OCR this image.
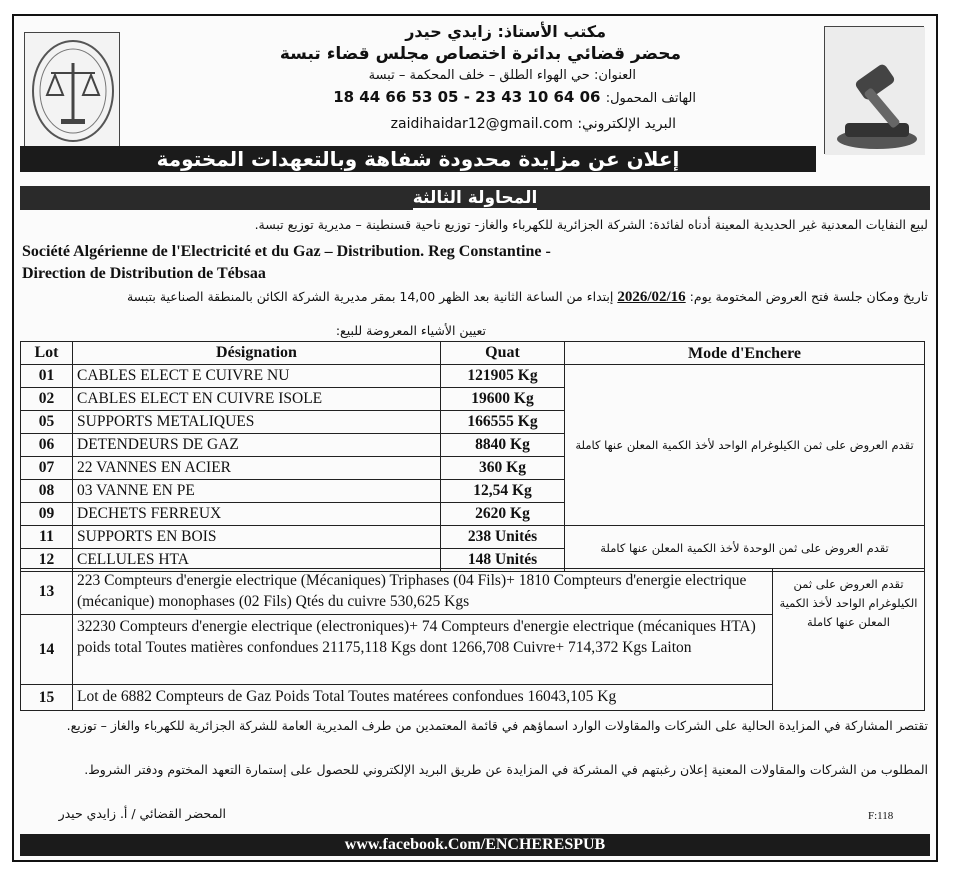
مكتب الأستاذ: زايدي حيدر
محضر قضائي بدائرة اختصاص مجلس قضاء تبسة
العنوان: حي الهواء الطلق – خلف المحكمة – تبسة
الهاتف المحمول: 06 64 10 43 23 - 05 53 66 44 18
البريد الإلكتروني: zaidihaidar12@gmail.com
إعلان عن مزايدة محدودة شفاهة وبالتعهدات المختومة
المحاولة الثالثة
لبيع النفايات المعدنية غير الحديدية المعينة أدناه لفائدة: الشركة الجزائرية للكهرباء والغاز- توزيع ناحية قسنطينة – مديرية توزيع تبسة.
Société Algérienne de l'Electricité et du Gaz – Distribution. Reg Constantine -
Direction de Distribution de Tébsaa
تاريخ ومكان جلسة فتح العروض المختومة يوم: 2026/02/16 إبتداء من الساعة الثانية بعد الظهر 14,00 بمقر مديرية الشركة الكائن بالمنطقة الصناعية بتبسة
تعيين الأشياء المعروضة للبيع:
Lot	Désignation	Quat	Mode d'Enchere
01	CABLES ELECT E CUIVRE NU	121905 Kg	تقدم العروض على ثمن الكيلوغرام الواحد لأخذ الكمية المعلن عنها كاملة
02	CABLES ELECT EN CUIVRE ISOLE	19600 Kg	
05	SUPPORTS METALIQUES	166555 Kg	
06	DETENDEURS DE GAZ	8840 Kg	
07	22 VANNES EN ACIER	360 Kg	
08	03 VANNE EN PE	12,54 Kg	
09	DECHETS FERREUX	2620 Kg	
11	SUPPORTS EN BOIS	238 Unités	تقدم العروض على ثمن الوحدة لأخذ الكمية المعلن عنها كاملة
12	CELLULES HTA	148 Unités	
13	223 Compteurs d'energie electrique (Mécaniques) Triphases (04 Fils)+ 1810 Compteurs d'energie electrique (mécanique) monophases (02 Fils) Qtés du cuivre 530,625 Kgs	تقدم العروض على ثمن الكيلوغرام الواحد لأخذ الكمية المعلن عنها كاملة
14	32230 Compteurs d'energie electrique (electroniques)+ 74 Compteurs d'energie electrique (mécaniques HTA) poids total Toutes matières confondues 21175,118 Kgs dont 1266,708 Cuivre+ 714,372 Kgs Laiton	
15	Lot de 6882 Compteurs de Gaz Poids Total Toutes matérees confondues 16043,105 Kg	
تقتصر المشاركة في المزايدة الحالية على الشركات والمقاولات الوارد اسماؤهم في قائمة المعتمدين من طرف المديرية العامة للشركة الجزائرية للكهرباء والغاز – توزيع.
المطلوب من الشركات والمقاولات المعنية إعلان رغبتهم في المشركة في المزايدة عن طريق البريد الإلكتروني للحصول على إستمارة التعهد المختوم ودفتر الشروط.
المحضر القضائي / أ. زايدي حيدر	F:118
www.facebook.Com/ENCHERESPUB
